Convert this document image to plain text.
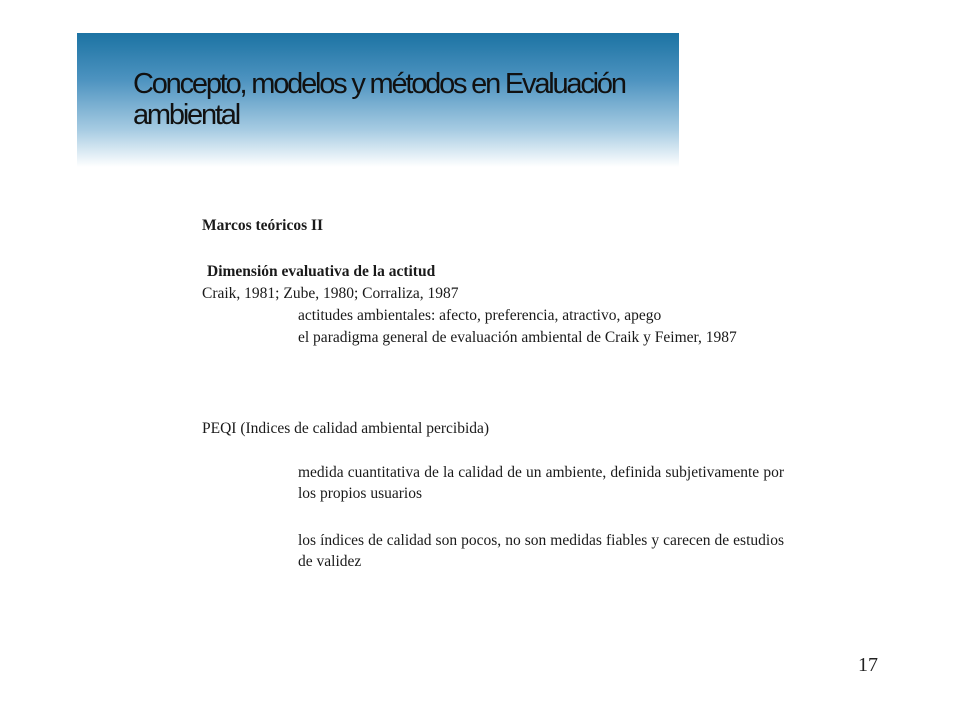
Concepto, modelos y métodos en Evaluación ambiental
Marcos teóricos II
Dimensión evaluativa de la actitud
Craik, 1981; Zube, 1980; Corraliza, 1987
actitudes ambientales: afecto, preferencia, atractivo, apego
el paradigma general de evaluación ambiental de Craik y Feimer, 1987
PEQI (Indices de calidad ambiental percibida)
medida cuantitativa de la calidad de un ambiente, definida subjetivamente por los propios usuarios
los índices de calidad son pocos, no son medidas fiables y carecen de estudios de validez
17
